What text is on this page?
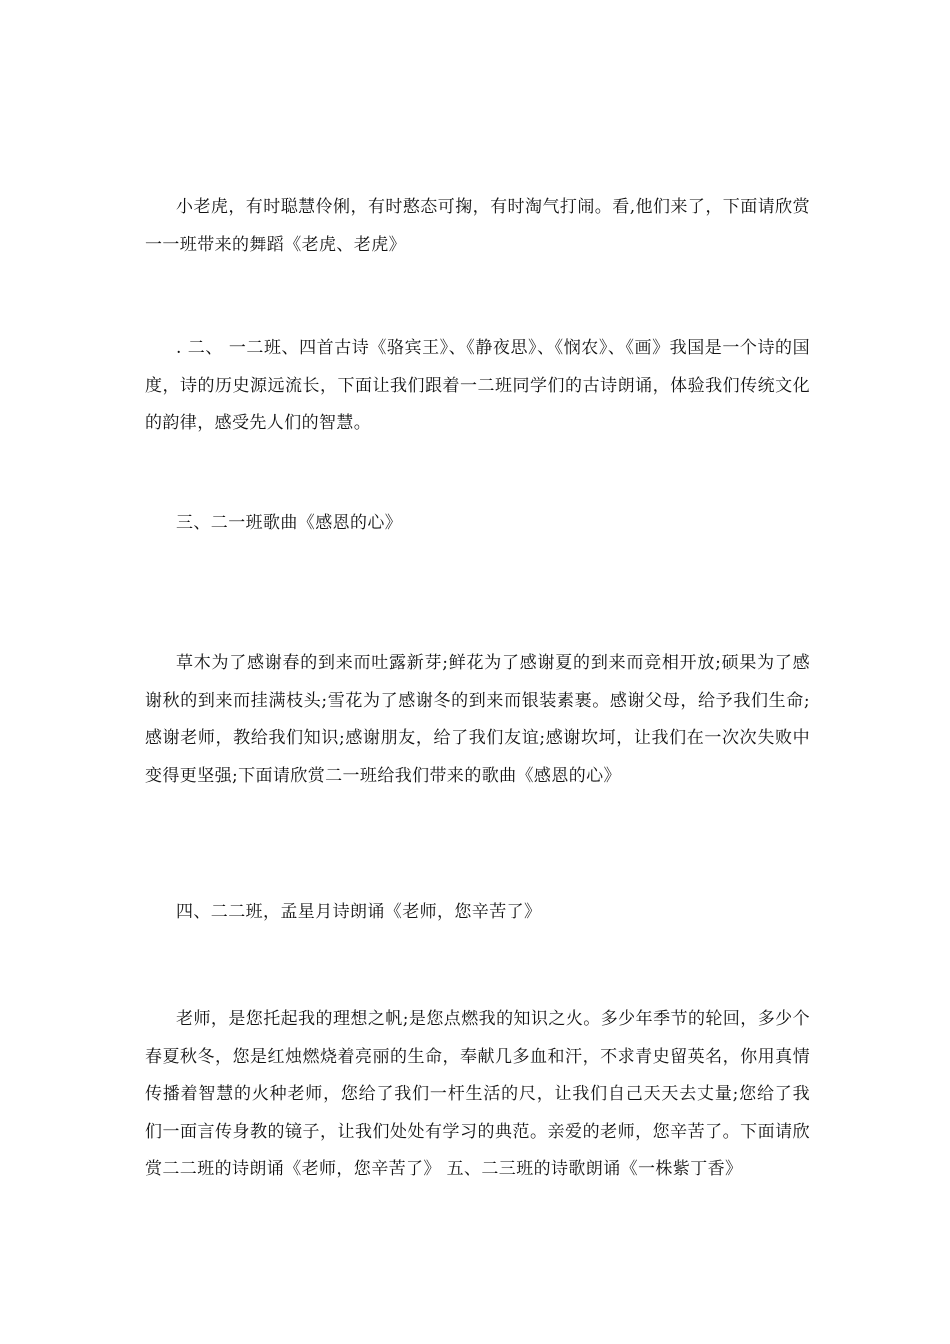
小老虎，有时聪慧伶俐，有时憨态可掬，有时淘气打闹。看,他们来了，下面请欣赏 一一班带来的舞蹈《老虎、老虎》

. 二、 一二班、四首古诗《骆宾王》、《静夜思》、《悯农》、《画》我国是一个诗的国度，诗的历史源远流长，下面让我们跟着一二班同学们的古诗朗诵，体验我们传统文化的韵律，感受先人们的智慧。

三、二一班歌曲《感恩的心》

草木为了感谢春的到来而吐露新芽;鲜花为了感谢夏的到来而竞相开放;硕果为了感谢秋的到来而挂满枝头;雪花为了感谢冬的到来而银装素裹。感谢父母，给予我们生命;感谢老师，教给我们知识;感谢朋友，给了我们友谊;感谢坎坷，让我们在一次次失败中变得更坚强;下面请欣赏二一班给我们带来的歌曲《感恩的心》

四、二二班，孟星月诗朗诵《老师，您辛苦了》

老师，是您托起我的理想之帆;是您点燃我的知识之火。多少年季节的轮回，多少个春夏秋冬，您是红烛燃烧着亮丽的生命，奉献几多血和汗，不求青史留英名，你用真情传播着智慧的火种老师，您给了我们一杆生活的尺，让我们自己天天去丈量;您给了我们一面言传身教的镜子，让我们处处有学习的典范。亲爱的老师，您辛苦了。下面请欣赏二二班的诗朗诵《老师，您辛苦了》 五、二三班的诗歌朗诵《一株紫丁香》
